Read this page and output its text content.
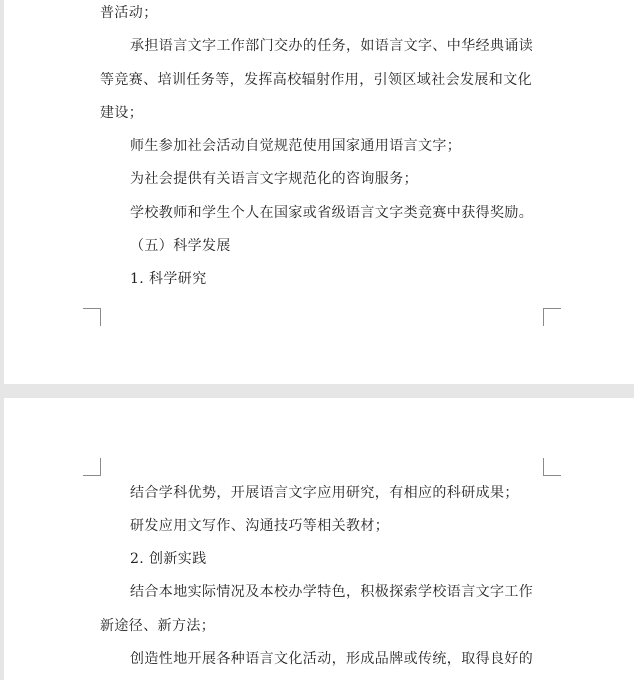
普活动；
承担语言文字工作部门交办的任务，如语言文字、中华经典诵读
等竞赛、培训任务等，发挥高校辐射作用，引领区域社会发展和文化
建设；
师生参加社会活动自觉规范使用国家通用语言文字；
为社会提供有关语言文字规范化的咨询服务；
学校教师和学生个人在国家或省级语言文字类竞赛中获得奖励。
（五）科学发展
1. 科学研究
结合学科优势，开展语言文字应用研究，有相应的科研成果；
研发应用文写作、沟通技巧等相关教材；
2. 创新实践
结合本地实际情况及本校办学特色，积极探索学校语言文字工作
新途径、新方法；
创造性地开展各种语言文化活动，形成品牌或传统，取得良好的
